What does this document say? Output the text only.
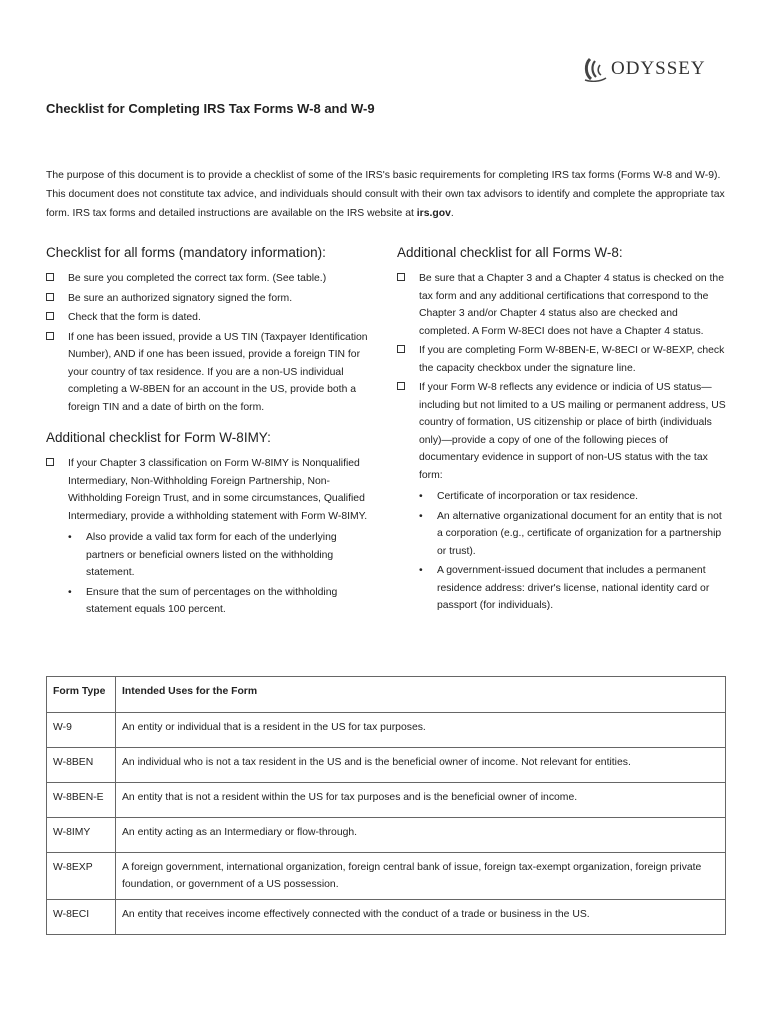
ODYSSEY
Checklist for Completing IRS Tax Forms W-8 and W-9

The purpose of this document is to provide a checklist of some of the IRS's basic requirements for completing IRS tax forms (Forms W-8 and W-9). This document does not constitute tax advice, and individuals should consult with their own tax advisors to identify and complete the appropriate tax form. IRS tax forms and detailed instructions are available on the IRS website at irs.gov.

Checklist for all forms (mandatory information):
Be sure you completed the correct tax form. (See table.)
Be sure an authorized signatory signed the form.
Check that the form is dated.
If one has been issued, provide a US TIN (Taxpayer Identification Number), AND if one has been issued, provide a foreign TIN for your country of tax residence. If you are a non-US individual completing a W-8BEN for an account in the US, provide both a foreign TIN and a date of birth on the form.
Additional checklist for Form W-8IMY:
If your Chapter 3 classification on Form W-8IMY is Nonqualified Intermediary, Non-Withholding Foreign Partnership, Non-Withholding Foreign Trust, and in some circumstances, Qualified Intermediary, provide a withholding statement with Form W-8IMY.
• Also provide a valid tax form for each of the underlying partners or beneficial owners listed on the withholding statement.
• Ensure that the sum of percentages on the withholding statement equals 100 percent.
Additional checklist for all Forms W-8:
Be sure that a Chapter 3 and a Chapter 4 status is checked on the tax form and any additional certifications that correspond to the Chapter 3 and/or Chapter 4 status also are checked and completed. A Form W-8ECI does not have a Chapter 4 status.
If you are completing Form W-8BEN-E, W-8ECI or W-8EXP, check the capacity checkbox under the signature line.
If your Form W-8 reflects any evidence or indicia of US status—including but not limited to a US mailing or permanent address, US country of formation, US citizenship or place of birth (individuals only)—provide a copy of one of the following pieces of documentary evidence in support of non-US status with the tax form:
• Certificate of incorporation or tax residence.
• An alternative organizational document for an entity that is not a corporation (e.g., certificate of organization for a partnership or trust).
• A government-issued document that includes a permanent residence address: driver's license, national identity card or passport (for individuals).
Form Type	Intended Uses for the Form
W-9	An entity or individual that is a resident in the US for tax purposes.
W-8BEN	An individual who is not a tax resident in the US and is the beneficial owner of income. Not relevant for entities.
W-8BEN-E	An entity that is not a resident within the US for tax purposes and is the beneficial owner of income.
W-8IMY	An entity acting as an Intermediary or flow-through.
W-8EXP	A foreign government, international organization, foreign central bank of issue, foreign tax-exempt organization, foreign private foundation, or government of a US possession.
W-8ECI	An entity that receives income effectively connected with the conduct of a trade or business in the US.
